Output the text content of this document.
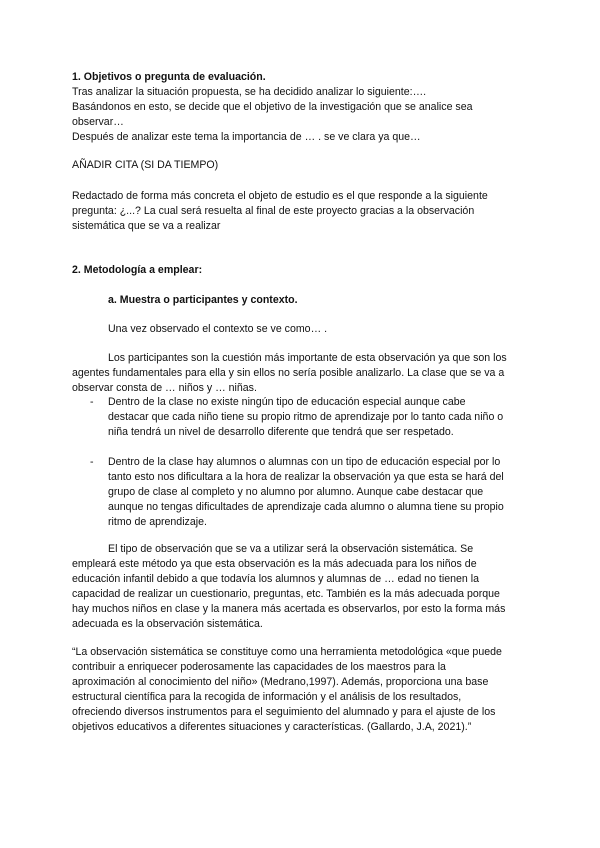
1. Objetivos o pregunta de evaluación.

Tras analizar la situación propuesta, se ha decidido analizar lo siguiente:….
Basándonos en esto, se decide que el objetivo de la investigación que se analice sea
observar…
Después de analizar este tema la importancia de … . se ve clara ya que…

AÑADIR CITA (SI DA TIEMPO)

Redactado de forma más concreta el objeto de estudio es el que responde a la siguiente
pregunta: ¿...? La cual será resuelta al final de este proyecto gracias a la observación
sistemática que se va a realizar

2. Metodología a emplear:

a. Muestra o participantes y contexto.

Una vez observado el contexto se ve como… .

Los participantes son la cuestión más importante de esta observación ya que son los
agentes fundamentales para ella y sin ellos no sería posible analizarlo. La clase que se va a
observar consta de … niños y … niñas.
- Dentro de la clase no existe ningún tipo de educación especial aunque cabe
destacar que cada niño tiene su propio ritmo de aprendizaje por lo tanto cada niño o
niña tendrá un nivel de desarrollo diferente que tendrá que ser respetado.
- Dentro de la clase hay alumnos o alumnas con un tipo de educación especial por lo
tanto esto nos dificultara a la hora de realizar la observación ya que esta se hará del
grupo de clase al completo y no alumno por alumno. Aunque cabe destacar que
aunque no tengas dificultades de aprendizaje cada alumno o alumna tiene su propio
ritmo de aprendizaje.
El tipo de observación que se va a utilizar será la observación sistemática. Se
empleará este método ya que esta observación es la más adecuada para los niños de
educación infantil debido a que todavía los alumnos y alumnas de … edad no tienen la
capacidad de realizar un cuestionario, preguntas, etc. También es la más adecuada porque
hay muchos niños en clase y la manera más acertada es observarlos, por esto la forma más
adecuada es la observación sistemática.
“La observación sistemática se constituye como una herramienta metodológica «que puede
contribuir a enriquecer poderosamente las capacidades de los maestros para la
aproximación al conocimiento del niño» (Medrano,1997). Además, proporciona una base
estructural científica para la recogida de información y el análisis de los resultados,
ofreciendo diversos instrumentos para el seguimiento del alumnado y para el ajuste de los
objetivos educativos a diferentes situaciones y características. (Gallardo, J.A, 2021).”
